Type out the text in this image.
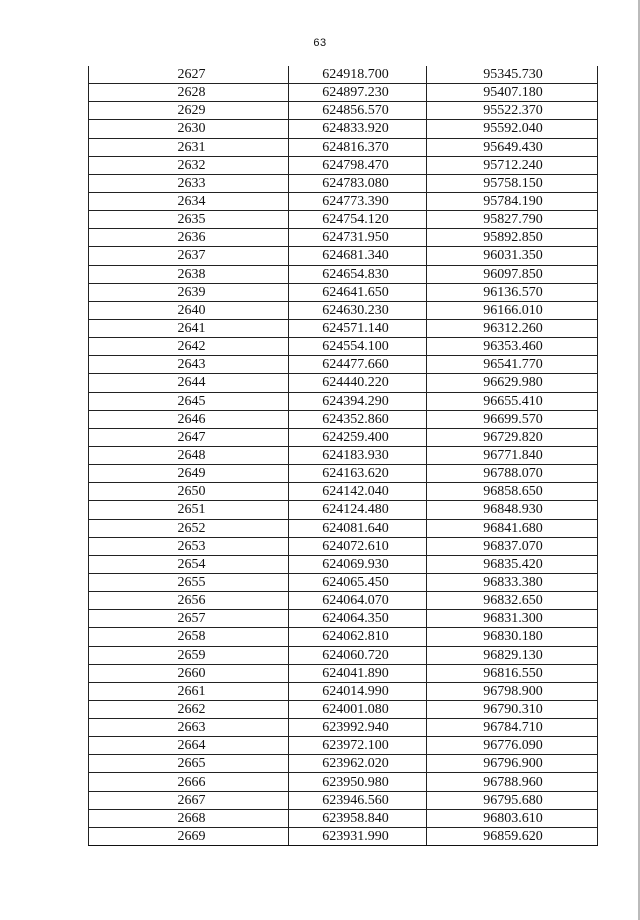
63
2627	624918.700	95345.730
2628	624897.230	95407.180
2629	624856.570	95522.370
2630	624833.920	95592.040
2631	624816.370	95649.430
2632	624798.470	95712.240
2633	624783.080	95758.150
2634	624773.390	95784.190
2635	624754.120	95827.790
2636	624731.950	95892.850
2637	624681.340	96031.350
2638	624654.830	96097.850
2639	624641.650	96136.570
2640	624630.230	96166.010
2641	624571.140	96312.260
2642	624554.100	96353.460
2643	624477.660	96541.770
2644	624440.220	96629.980
2645	624394.290	96655.410
2646	624352.860	96699.570
2647	624259.400	96729.820
2648	624183.930	96771.840
2649	624163.620	96788.070
2650	624142.040	96858.650
2651	624124.480	96848.930
2652	624081.640	96841.680
2653	624072.610	96837.070
2654	624069.930	96835.420
2655	624065.450	96833.380
2656	624064.070	96832.650
2657	624064.350	96831.300
2658	624062.810	96830.180
2659	624060.720	96829.130
2660	624041.890	96816.550
2661	624014.990	96798.900
2662	624001.080	96790.310
2663	623992.940	96784.710
2664	623972.100	96776.090
2665	623962.020	96796.900
2666	623950.980	96788.960
2667	623946.560	96795.680
2668	623958.840	96803.610
2669	623931.990	96859.620
